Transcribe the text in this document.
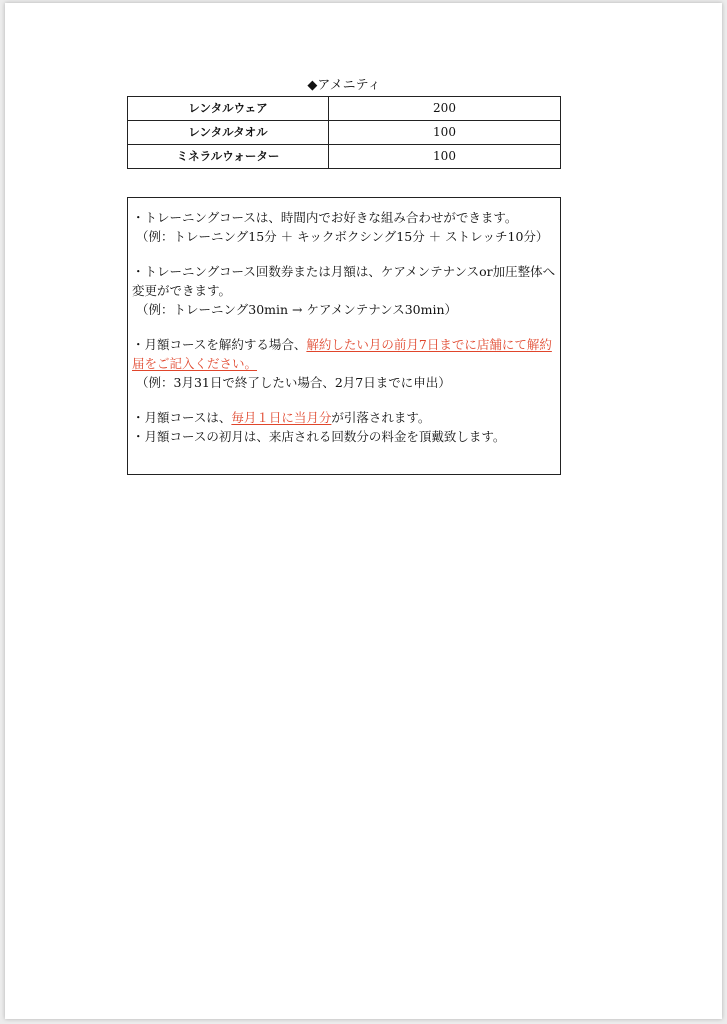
◆アメニティ
レンタルウェア	200
レンタルタオル	100
ミネラルウォーター	100

・トレーニングコースは、時間内でお好きな組み合わせができます。

（例：トレーニング15分 ＋ キックボクシング15分 ＋ ストレッチ10分）

・トレーニングコース回数券または月額は、ケアメンテナンスor加圧整体へ変更ができます。

（例：トレーニング30min → ケアメンテナンス30min）

・月額コースを解約する場合、解約したい月の前月7日までに店舗にて解約届をご記入ください。

（例：3月31日で終了したい場合、2月7日までに申出）

・月額コースは、毎月１日に当月分が引落されます。

・月額コースの初月は、来店される回数分の料金を頂戴致します。
